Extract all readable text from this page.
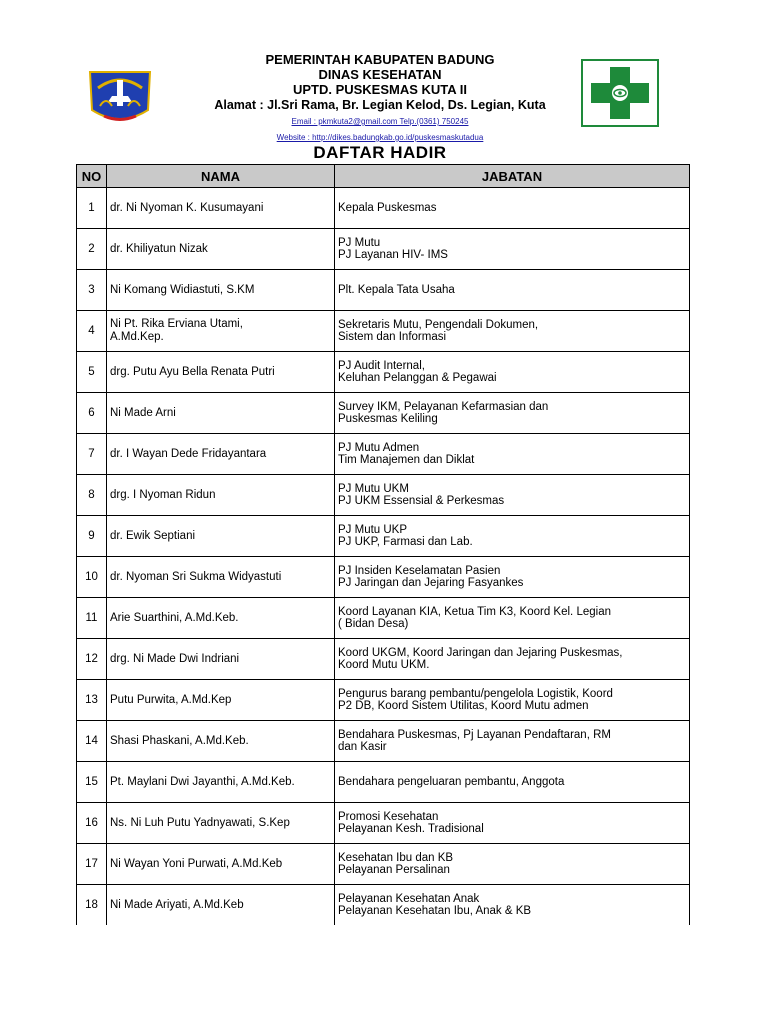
PEMERINTAH KABUPATEN BADUNG
DINAS KESEHATAN
UPTD. PUSKESMAS KUTA II
Alamat : Jl.Sri Rama, Br. Legian Kelod, Ds. Legian, Kuta
Email : pkmkuta2@gmail.com Telp.(0361) 750245
Website : http://dikes.badungkab.go.id/puskesmaskutadua
DAFTAR HADIR
NO	NAMA	JABATAN
1	dr. Ni Nyoman K. Kusumayani	Kepala Puskesmas

2	dr. Khiliyatun Nizak	PJ Mutu
PJ Layanan HIV- IMS

3	Ni Komang Widiastuti, S.KM	Plt. Kepala Tata Usaha

4	Ni Pt. Rika Erviana Utami,
A.Md.Kep.	Sekretaris Mutu, Pengendali Dokumen,
Sistem dan Informasi

5	drg. Putu Ayu Bella Renata Putri	PJ Audit Internal,
Keluhan Pelanggan & Pegawai

6	Ni Made Arni	Survey IKM, Pelayanan Kefarmasian dan
Puskesmas Keliling

7	dr. I Wayan Dede Fridayantara	PJ Mutu Admen
Tim Manajemen dan Diklat

8	drg. I Nyoman Ridun	PJ Mutu UKM
PJ UKM Essensial & Perkesmas

9	dr. Ewik Septiani	PJ Mutu UKP
PJ UKP, Farmasi dan Lab.

10	dr. Nyoman Sri Sukma Widyastuti	PJ Insiden Keselamatan Pasien
PJ Jaringan dan Jejaring Fasyankes

11	Arie Suarthini, A.Md.Keb.	Koord Layanan KIA, Ketua Tim K3, Koord Kel. Legian
( Bidan Desa)

12	drg. Ni Made Dwi Indriani	Koord UKGM, Koord Jaringan dan Jejaring Puskesmas,
Koord Mutu UKM.

13	Putu Purwita, A.Md.Kep	Pengurus barang pembantu/pengelola Logistik, Koord
P2 DB, Koord Sistem Utilitas, Koord Mutu admen

14	Shasi Phaskani, A.Md.Keb.	Bendahara Puskesmas, Pj Layanan Pendaftaran, RM
dan Kasir

15	Pt. Maylani Dwi Jayanthi, A.Md.Keb.	Bendahara pengeluaran pembantu, Anggota

16	Ns. Ni Luh Putu Yadnyawati, S.Kep	Promosi Kesehatan
Pelayanan Kesh. Tradisional

17	Ni Wayan Yoni Purwati, A.Md.Keb	Kesehatan Ibu dan KB
Pelayanan Persalinan

18	Ni Made Ariyati, A.Md.Keb	Pelayanan Kesehatan Anak
Pelayanan Kesehatan Ibu, Anak & KB
